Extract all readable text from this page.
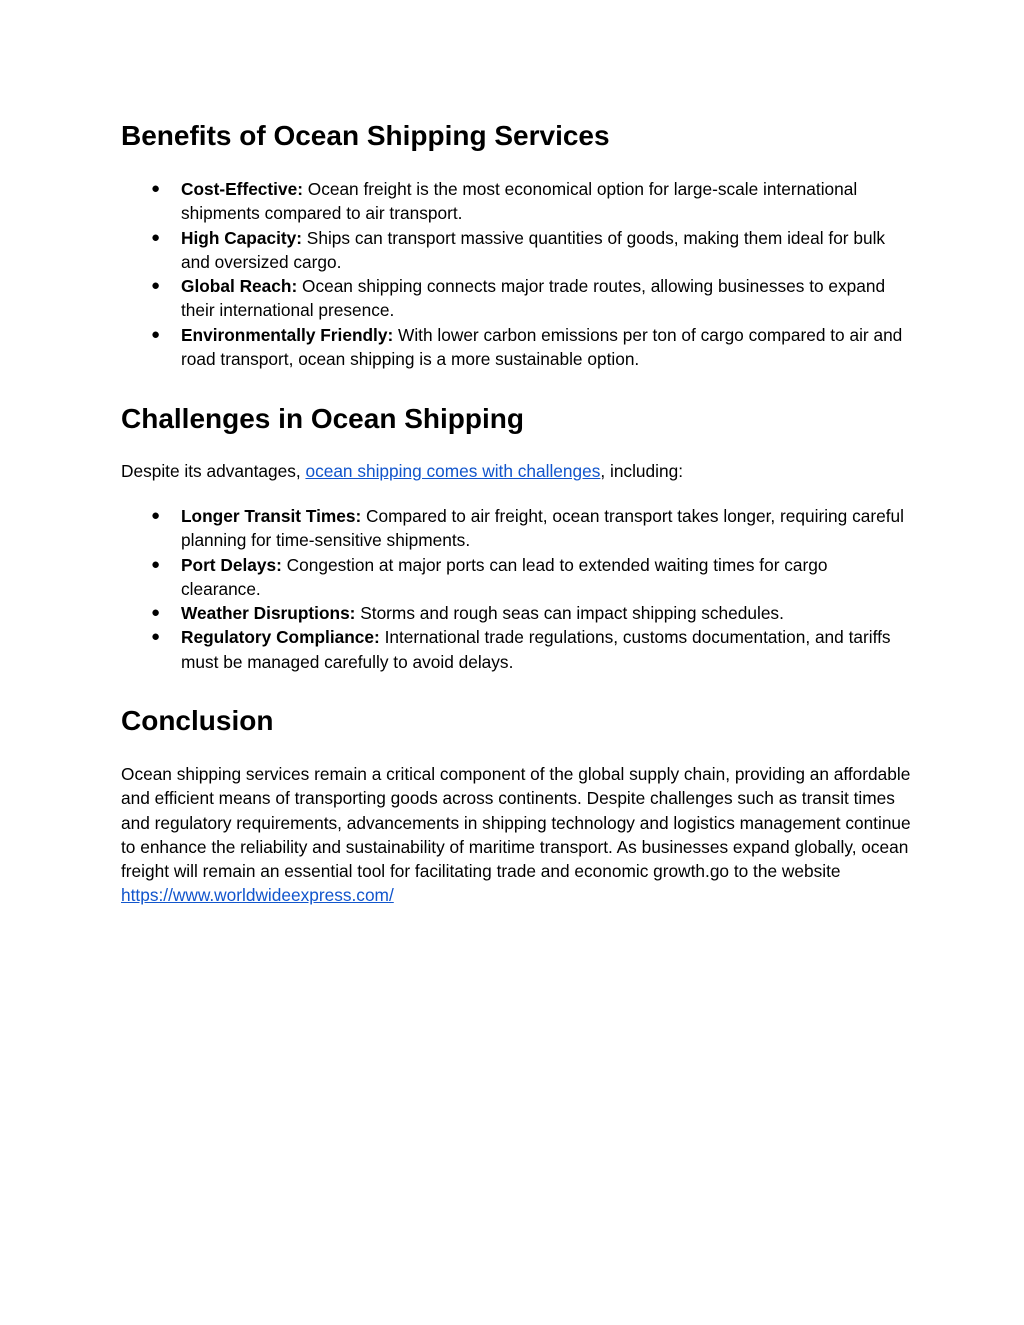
Benefits of Ocean Shipping Services
● Cost-Effective: Ocean freight is the most economical option for large-scale international shipments compared to air transport.
● High Capacity: Ships can transport massive quantities of goods, making them ideal for bulk and oversized cargo.
● Global Reach: Ocean shipping connects major trade routes, allowing businesses to expand their international presence.
● Environmentally Friendly: With lower carbon emissions per ton of cargo compared to air and road transport, ocean shipping is a more sustainable option.
Challenges in Ocean Shipping

Despite its advantages, ocean shipping comes with challenges, including:

● Longer Transit Times: Compared to air freight, ocean transport takes longer, requiring careful planning for time-sensitive shipments.
● Port Delays: Congestion at major ports can lead to extended waiting times for cargo clearance.
● Weather Disruptions: Storms and rough seas can impact shipping schedules.
● Regulatory Compliance: International trade regulations, customs documentation, and tariffs must be managed carefully to avoid delays.
Conclusion

Ocean shipping services remain a critical component of the global supply chain, providing an affordable and efficient means of transporting goods across continents. Despite challenges such as transit times and regulatory requirements, advancements in shipping technology and logistics management continue to enhance the reliability and sustainability of maritime transport. As businesses expand globally, ocean freight will remain an essential tool for facilitating trade and economic growth.go to the website https://www.worldwideexpress.com/
